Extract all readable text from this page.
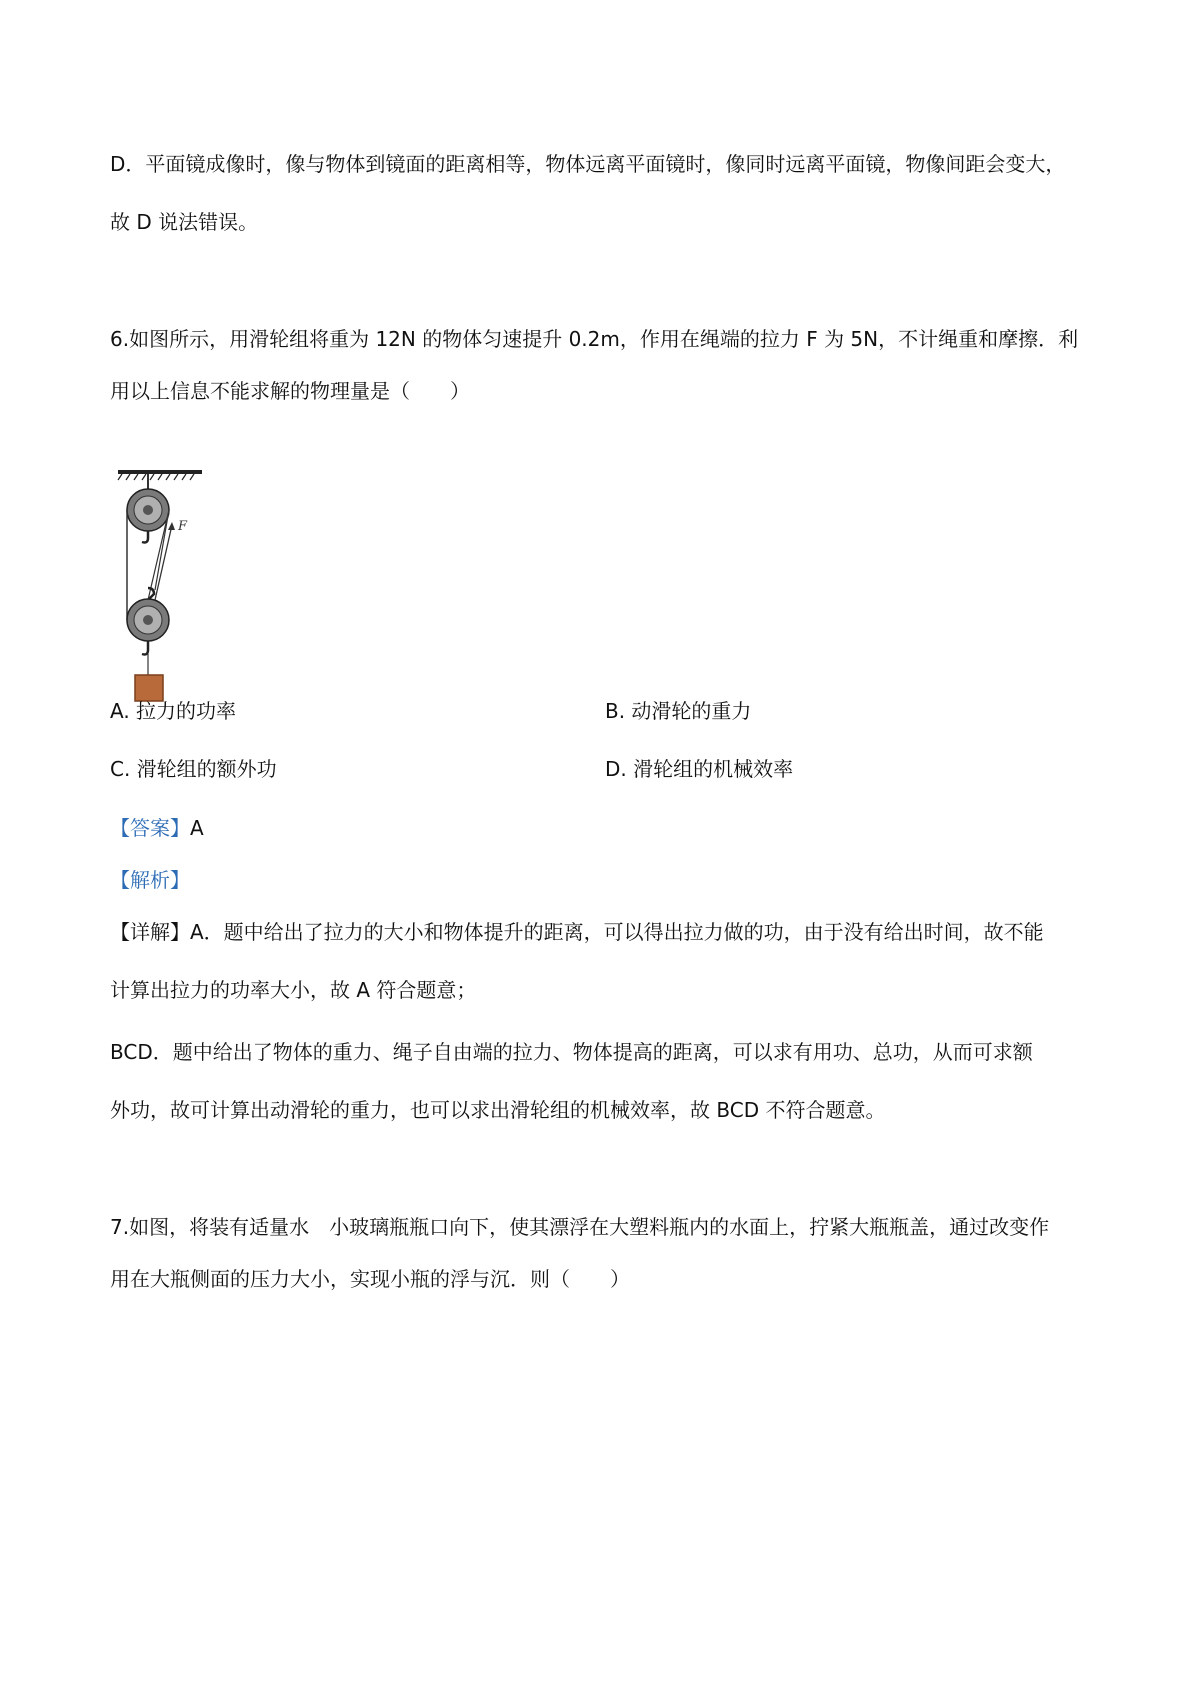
D．平面镜成像时，像与物体到镜面的距离相等，物体远离平面镜时，像同时远离平面镜，物像间距会变大，
故 D 说法错误。
6.如图所示，用滑轮组将重为 12N 的物体匀速提升 0.2m，作用在绳端的拉力 F 为 5N，不计绳重和摩擦．利
用以上信息不能求解的物理量是（　　）
F
A. 拉力的功率	B. 动滑轮的重力
C. 滑轮组的额外功	D. 滑轮组的机械效率
【答案】A
【解析】
【详解】A．题中给出了拉力的大小和物体提升的距离，可以得出拉力做的功，由于没有给出时间，故不能
计算出拉力的功率大小，故 A 符合题意；
BCD．题中给出了物体的重力、绳子自由端的拉力、物体提高的距离，可以求有用功、总功，从而可求额
外功，故可计算出动滑轮的重力，也可以求出滑轮组的机械效率，故 BCD 不符合题意。
7.如图，将装有适量水　小玻璃瓶瓶口向下，使其漂浮在大塑料瓶内的水面上，拧紧大瓶瓶盖，通过改变作
用在大瓶侧面的压力大小，实现小瓶的浮与沉．则（　　）
